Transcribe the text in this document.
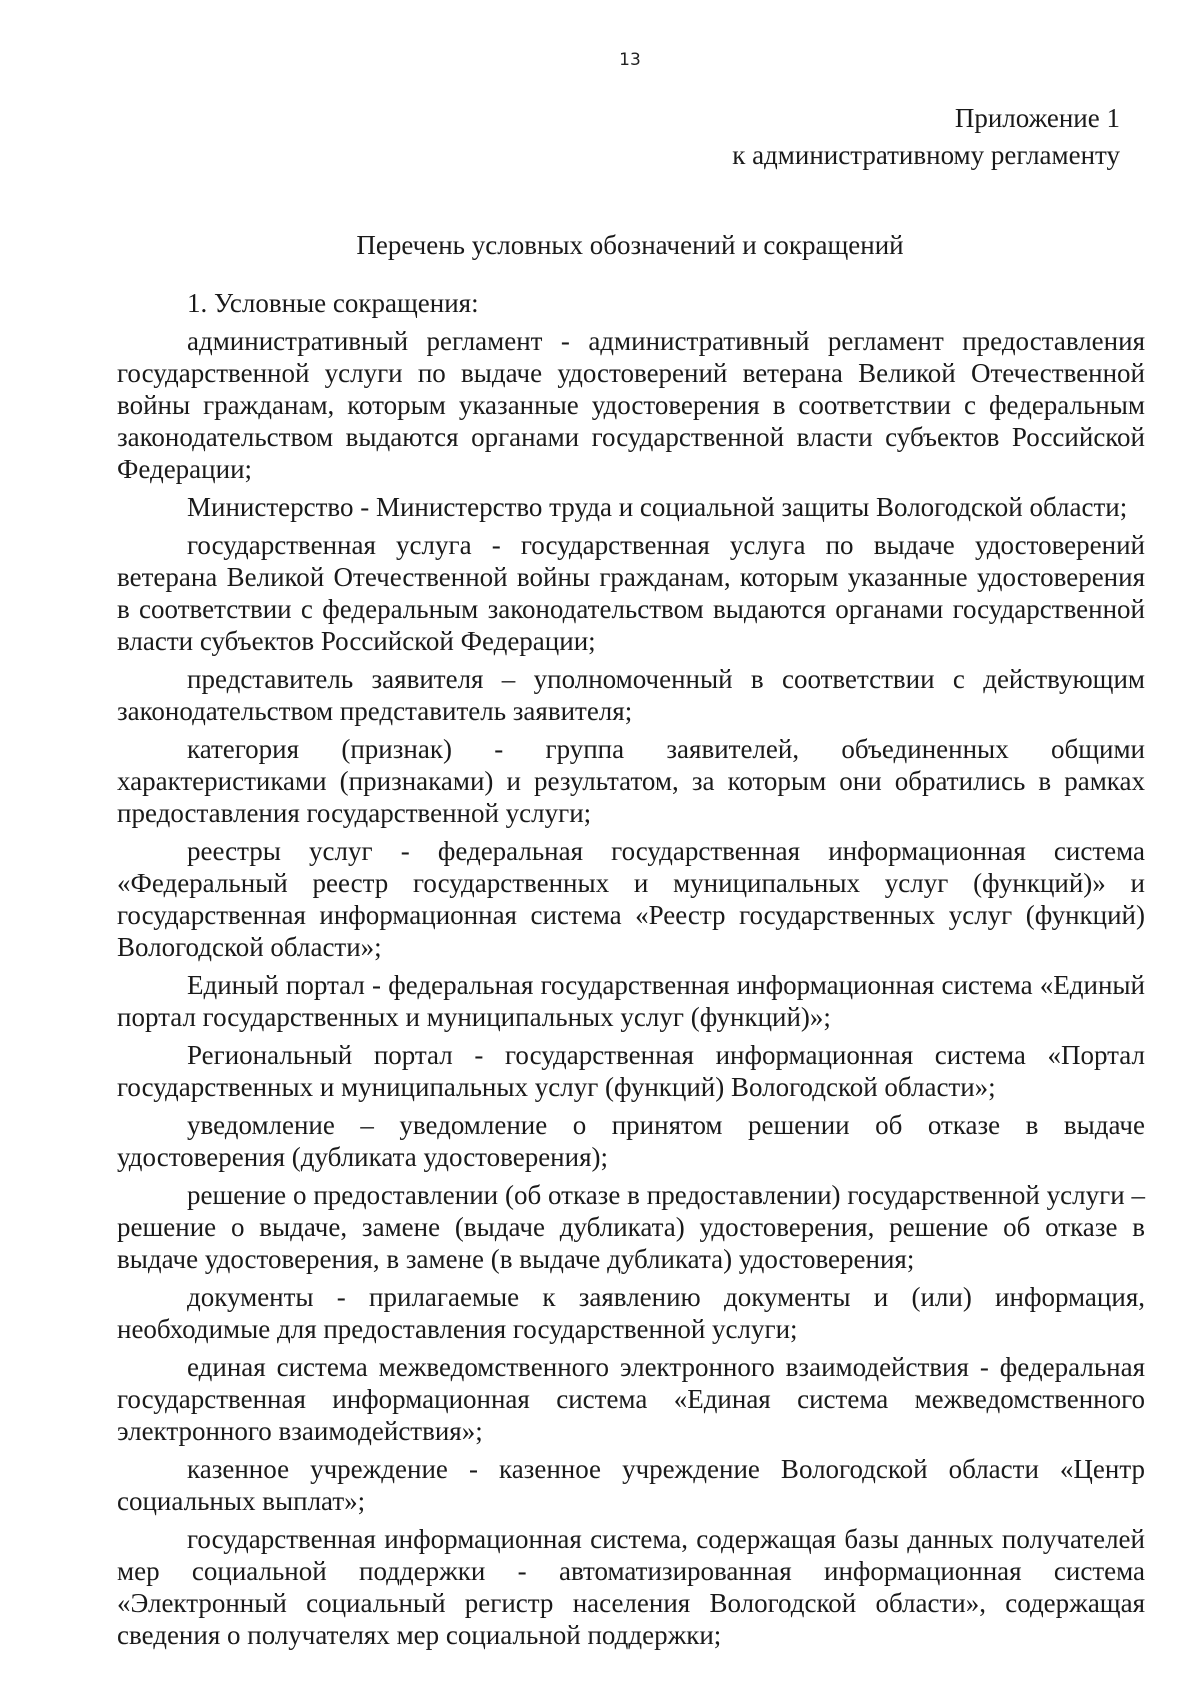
13
Приложение 1
к административному регламенту
Перечень условных обозначений и сокращений

1. Условные сокращения:

административный регламент - административный регламент предоставления государственной услуги по выдаче удостоверений ветерана Великой Отечественной войны гражданам, которым указанные удостоверения в соответствии с федеральным законодательством выдаются органами государственной власти субъектов Российской Федерации;

Министерство - Министерство труда и социальной защиты Вологодской области;

государственная услуга - государственная услуга по выдаче удостоверений ветерана Великой Отечественной войны гражданам, которым указанные удостоверения в соответствии с федеральным законодательством выдаются органами государственной власти субъектов Российской Федерации;

представитель заявителя – уполномоченный в соответствии с действующим законодательством представитель заявителя;

категория (признак) - группа заявителей, объединенных общими характеристиками (признаками) и результатом, за которым они обратились в рамках предоставления государственной услуги;

реестры услуг - федеральная государственная информационная система «Федеральный реестр государственных и муниципальных услуг (функций)» и государственная информационная система «Реестр государственных услуг (функций) Вологодской области»;

Единый портал - федеральная государственная информационная система «Единый портал государственных и муниципальных услуг (функций)»;

Региональный портал - государственная информационная система «Портал государственных и муниципальных услуг (функций) Вологодской области»;

уведомление – уведомление о принятом решении об отказе в выдаче удостоверения (дубликата удостоверения);

решение о предоставлении (об отказе в предоставлении) государственной услуги – решение о выдаче, замене (выдаче дубликата) удостоверения, решение об отказе в выдаче удостоверения, в замене (в выдаче дубликата) удостоверения;

документы - прилагаемые к заявлению документы и (или) информация, необходимые для предоставления государственной услуги;

единая система межведомственного электронного взаимодействия - федеральная государственная информационная система «Единая система межведомственного электронного взаимодействия»;

казенное учреждение - казенное учреждение Вологодской области «Центр социальных выплат»;

государственная информационная система, содержащая базы данных получателей мер социальной поддержки - автоматизированная информационная система «Электронный социальный регистр населения Вологодской области», содержащая сведения о получателях мер социальной поддержки;
